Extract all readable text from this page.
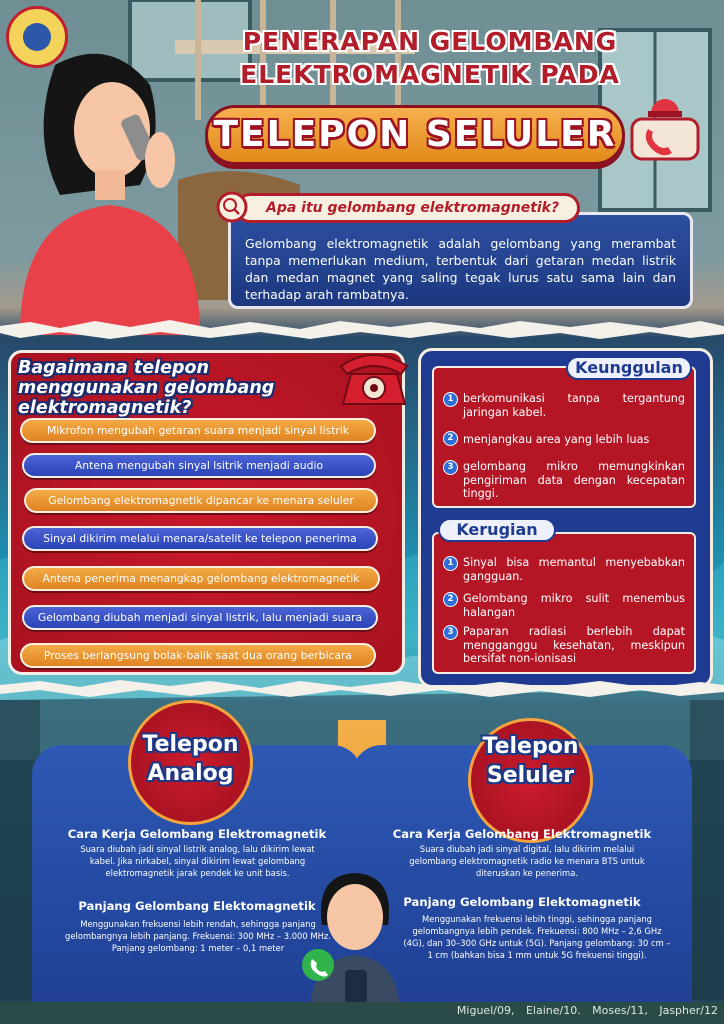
PENERAPAN GELOMBANG
ELEKTROMAGNETIK PADA
TELEPON SELULER

Gelombang elektromagnetik adalah gelombang yang merambat tanpa memerlukan medium, terbentuk dari getaran medan listrik dan medan magnet yang saling tegak lurus satu sama lain dan terhadap arah rambatnya.

Apa itu gelombang elektromagnetik?
Bagaimana telepon menggunakan gelombang elektromagnetik?
Mikrofon mengubah getaran suara menjadi sinyal listrik
Antena mengubah sinyal lsitrik menjadi audio
Gelombang elektromagnetik dipancar ke menara seluler
Sinyal dikirim melalui menara/satelit ke telepon penerima
Antena penerima menangkap gelombang elektromagnetik
Gelombang diubah menjadi sinyal listrik, lalu menjadi suara
Proses berlangsung bolak-balik saat dua orang berbicara
Keunggulan
1 berkomunikasi tanpa tergantung jaringan kabel.
2 menjangkau area yang lebih luas
3 gelombang mikro memungkinkan pengiriman data dengan kecepatan tinggi.
Kerugian
1 Sinyal bisa memantul menyebabkan gangguan.
2 Gelombang mikro sulit menembus halangan
3 Paparan radiasi berlebih dapat mengganggu kesehatan, meskipun bersifat non-ionisasi
Telepon
Analog
Telepon
Seluler
Cara Kerja Gelombang Elektromagnetik
Suara diubah jadi sinyal listrik analog, lalu dikirim lewat kabel. Jika nirkabel, sinyal dikirim lewat gelombang elektromagnetik jarak pendek ke unit basis.
Panjang Gelombang Elektomagnetik
Menggunakan frekuensi lebih rendah, sehingga panjang gelombangnya lebih panjang. Frekuensi: 300 MHz – 3.000 MHz. Panjang gelombang: 1 meter – 0,1 meter
Cara Kerja Gelombang Elektromagnetik
Suara diubah jadi sinyal digital, lalu dikirim melalui gelombang elektromagnetik radio ke menara BTS untuk diteruskan ke penerima.
Panjang Gelombang Elektomagnetik
Menggunakan frekuensi lebih tinggi, sehingga panjang gelombangnya lebih pendek. Frekuensi: 800 MHz – 2,6 GHz (4G), dan 30–300 GHz untuk (5G). Panjang gelombang: 30 cm – 1 cm (bahkan bisa 1 mm untuk 5G frekuensi tinggi).
Miguel/09, Elaine/10. Moses/11, Jaspher/12
